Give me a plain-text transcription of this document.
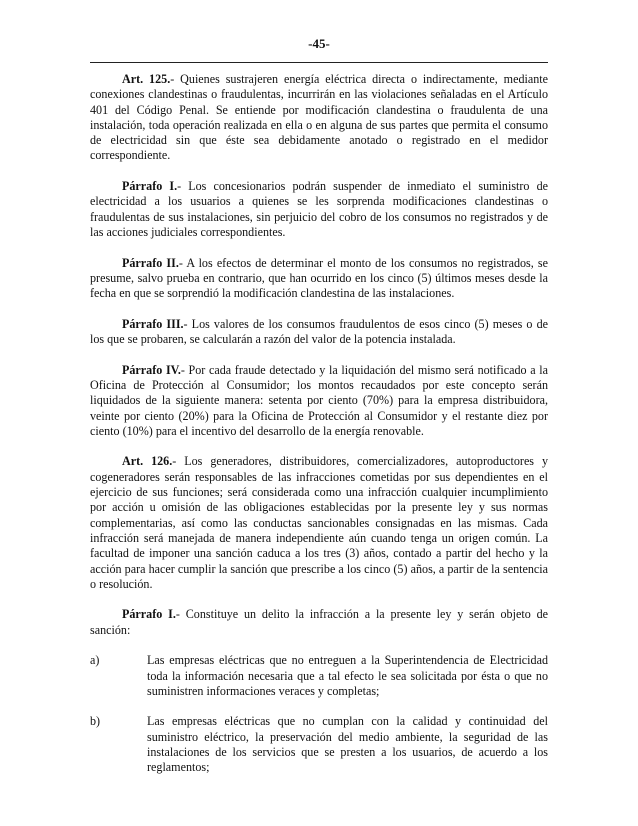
-45-

Art. 125.- Quienes sustrajeren energía eléctrica directa o indirectamente, mediante conexiones clandestinas o fraudulentas, incurrirán en las violaciones señaladas en el Artículo 401 del Código Penal. Se entiende por modificación clandestina o fraudulenta de una instalación, toda operación realizada en ella o en alguna de sus partes que permita el consumo de electricidad sin que éste sea debidamente anotado o registrado en el medidor correspondiente.

Párrafo I.- Los concesionarios podrán suspender de inmediato el suministro de electricidad a los usuarios a quienes se les sorprenda modificaciones clandestinas o fraudulentas de sus instalaciones, sin perjuicio del cobro de los consumos no registrados y de las acciones judiciales correspondientes.

Párrafo II.- A los efectos de determinar el monto de los consumos no registrados, se presume, salvo prueba en contrario, que han ocurrido en los cinco (5) últimos meses desde la fecha en que se sorprendió la modificación clandestina de las instalaciones.

Párrafo III.- Los valores de los consumos fraudulentos de esos cinco (5) meses o de los que se probaren, se calcularán a razón del valor de la potencia instalada.

Párrafo IV.- Por cada fraude detectado y la liquidación del mismo será notificado a la Oficina de Protección al Consumidor; los montos recaudados por este concepto serán liquidados de la siguiente manera: setenta por ciento (70%) para la empresa distribuidora, veinte por ciento (20%) para la Oficina de Protección al Consumidor y el restante diez por ciento (10%) para el incentivo del desarrollo de la energía renovable.

Art. 126.- Los generadores, distribuidores, comercializadores, autoproductores y cogeneradores serán responsables de las infracciones cometidas por sus dependientes en el ejercicio de sus funciones; será considerada como una infracción cualquier incumplimiento por acción u omisión de las obligaciones establecidas por la presente ley y sus normas complementarias, así como las conductas sancionables consignadas en las mismas. Cada infracción será manejada de manera independiente aún cuando tenga un origen común. La facultad de imponer una sanción caduca a los tres (3) años, contado a partir del hecho y la acción para hacer cumplir la sanción que prescribe a los cinco (5) años, a partir de la sentencia o resolución.

Párrafo I.- Constituye un delito la infracción a la presente ley y serán objeto de sanción:

a)	Las empresas eléctricas que no entreguen a la Superintendencia de Electricidad toda la información necesaria que a tal efecto le sea solicitada por ésta o que no suministren informaciones veraces y completas;
b)	Las empresas eléctricas que no cumplan con la calidad y continuidad del suministro eléctrico, la preservación del medio ambiente, la seguridad de las instalaciones de los servicios que se presten a los usuarios, de acuerdo a los reglamentos;
